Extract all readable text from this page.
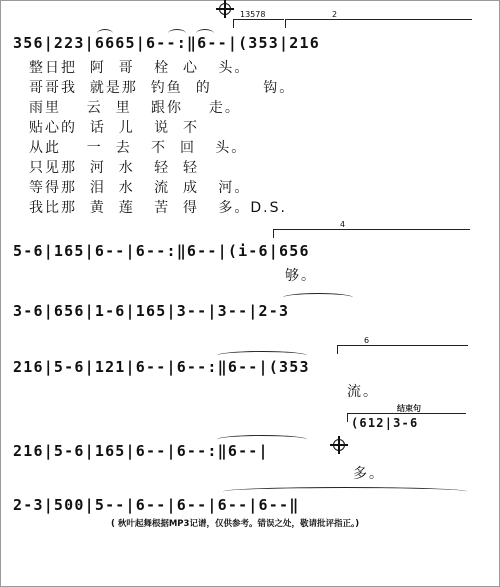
13578	2
356|223|6665|6--:‖6--|(353|216
整日把  阿  哥   栓  心   头。
哥哥我  就是那  钓鱼  的        钩。
雨里    云  里   跟你    走。
贴心的  话  儿   说  不
从此    一  去   不  回   头。
只见那  河  水   轻  轻
等得那  泪  水   流  成   河。
我比那  黄  莲   苦  得   多。D.S.
4
5-6|165|6--|6--:‖6--|(i-6|656
够。
3-6|656|1-6|165|3--|3--|2-3
6
216|5-6|121|6--|6--:‖6--|(353
流。
结束句
(612|3-6
216|5-6|165|6--|6--:‖6--|
多。
2-3|500|5--|6--|6--|6--|6--‖
( 秋叶起舞根据MP3记谱，仅供参考。错误之处，敬请批评指正。)
